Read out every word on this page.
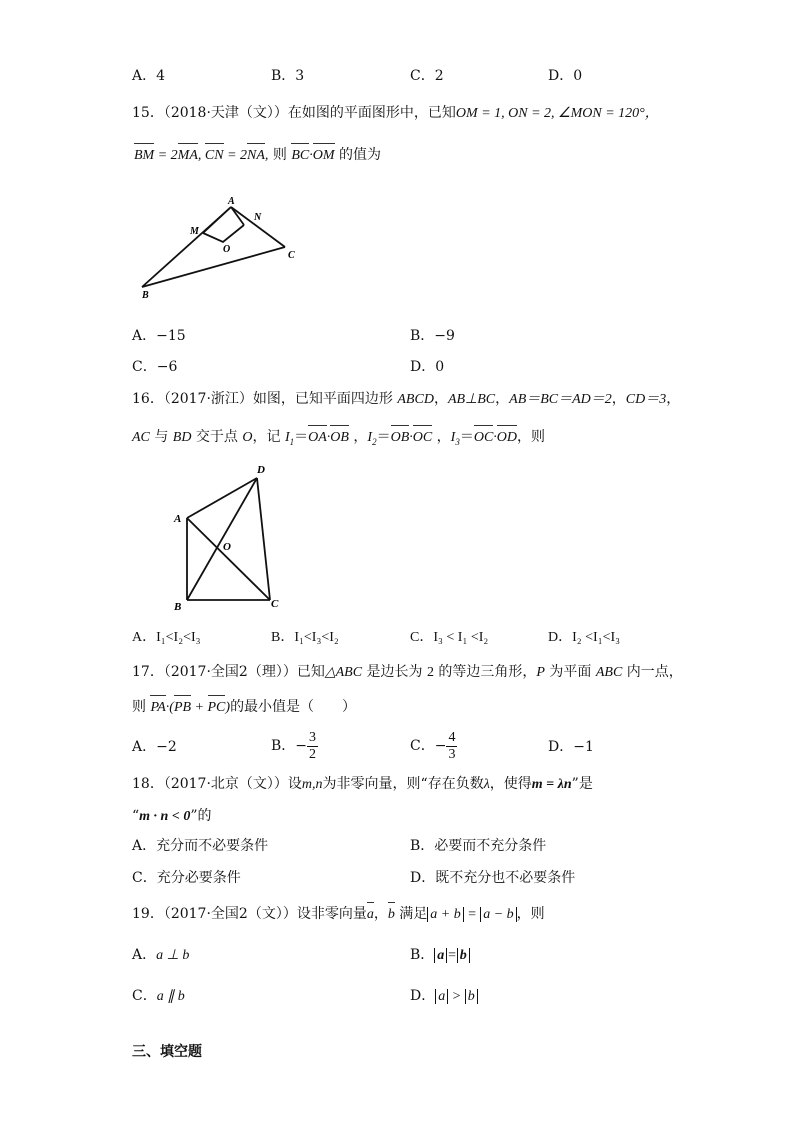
A．4	B．3	C．2	D．0
15．（2018·天津（文））在如图的平面图形中，已知OM = 1, ON = 2, ∠MON = 120°，
BM = 2MA, CN = 2NA, 则 BC·OM 的值为
A
N
M
O
C
B
A．−15	B．−9
C．−6	D．0
16．（2017·浙江）如图，已知平面四边形 ABCD，AB⊥BC，AB＝BC＝AD＝2，CD＝3，
AC 与 BD 交于点 O，记 $I_1=OA\cdot OB$ ，$I_2=OB\cdot OC$ ，$I_3=OC\cdot OD$，则
A
B	C
D
O
A．I₁<I₂<I₃	B．I₁<I₃<I₂	C．I₃ < I₁ <I₂	D．I₂ <I₁<I₃
17．（2017·全国2（理））已知△ABC 是边长为 2 的等边三角形，P 为平面 ABC 内一点，
则 PA·(PB + PC)的最小值是（　　）
A．−2	B．− $\frac{3}{2}$	C．− $\frac{4}{3}$	D．−1
18．（2017·北京（文））设m,n为非零向量，则“存在负数λ，使得m = λn”是
“m · n < 0”的
A．充分而不必要条件	B．必要而不充分条件
C．充分必要条件	D．既不充分也不必要条件
19．（2017·全国2（文））设非零向量a，b 满足 a + b = a − b ，则
A．a ⊥ b	B． a = b
C．a ∥ b	D． a > b
三、填空题
